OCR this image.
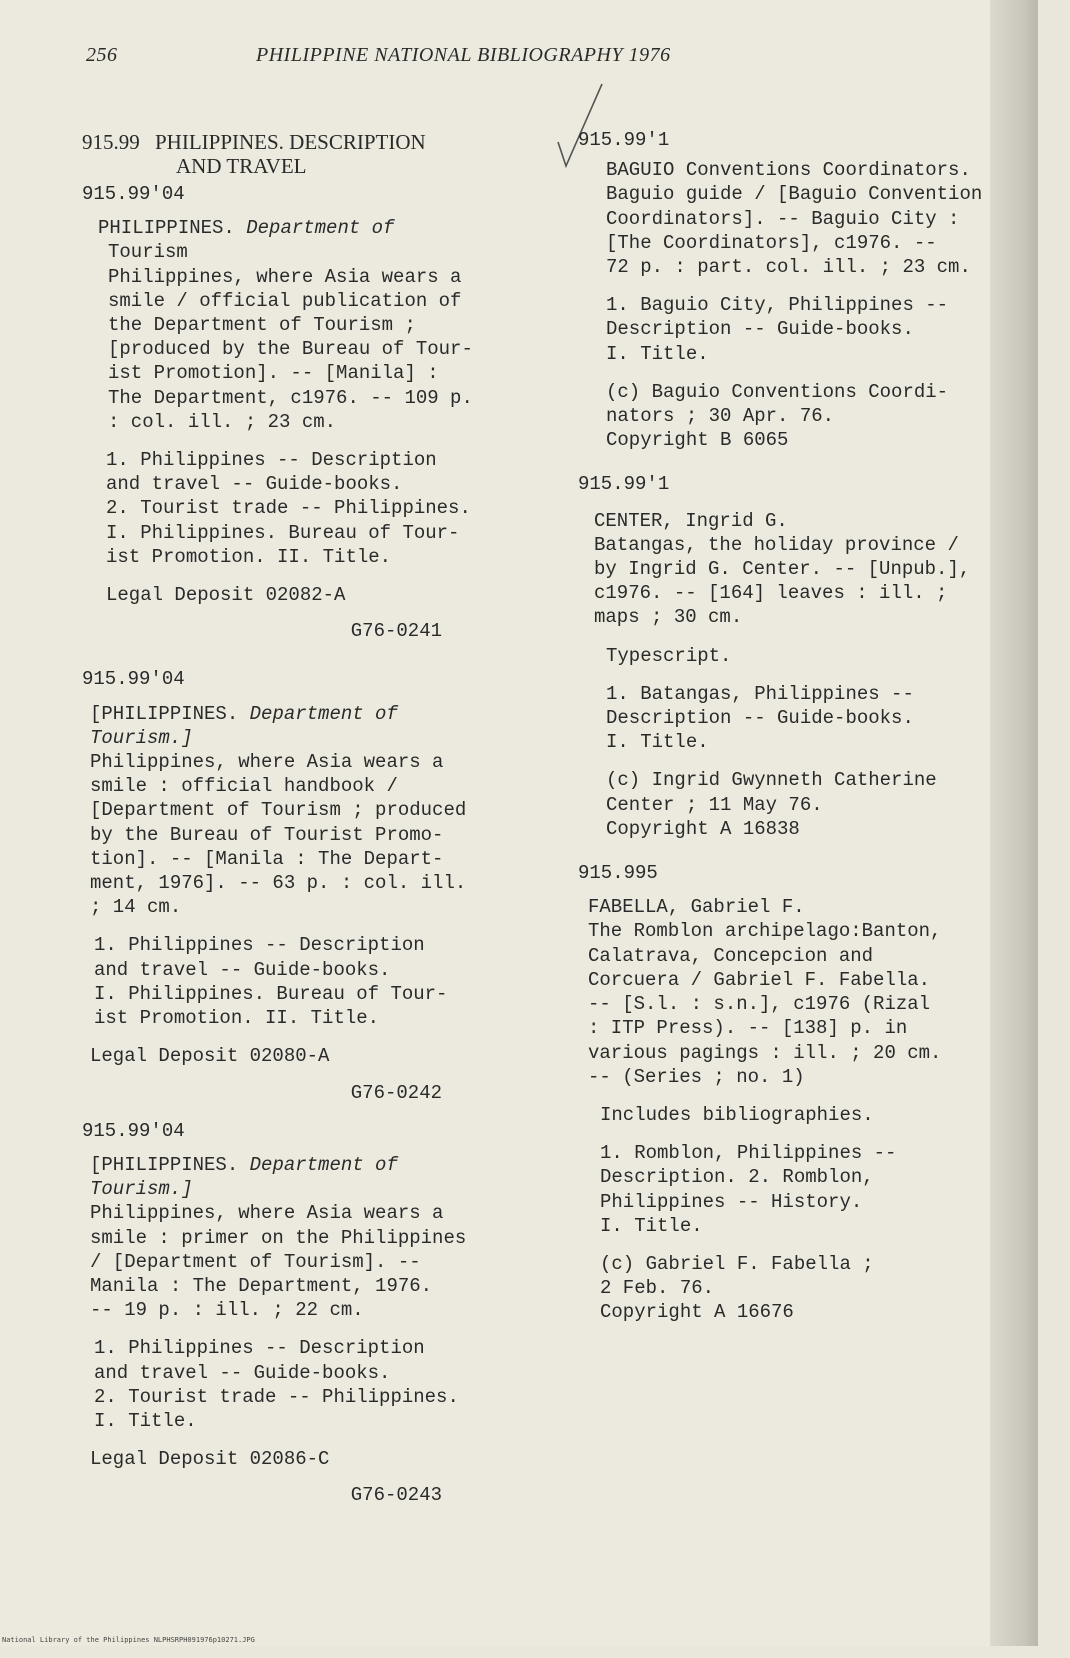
256	PHILIPPINE NATIONAL BIBLIOGRAPHY 1976
915.99 PHILIPPINES. DESCRIPTION
AND TRAVEL
915.99'04
PHILIPPINES. Department of
Tourism
Philippines, where Asia wears a
smile / official publication of
the Department of Tourism ;
[produced by the Bureau of Tour-
ist Promotion]. -- [Manila] :
The Department, c1976. -- 109 p.
: col. ill. ; 23 cm.
1. Philippines -- Description
and travel -- Guide-books.
2. Tourist trade -- Philippines.
I. Philippines. Bureau of Tour-
ist Promotion. II. Title.
Legal Deposit 02082-A
G76-0241
915.99'04
[PHILIPPINES. Department of
Tourism.]
Philippines, where Asia wears a
smile : official handbook /
[Department of Tourism ; produced
by the Bureau of Tourist Promo-
tion]. -- [Manila : The Depart-
ment, 1976]. -- 63 p. : col. ill.
; 14 cm.
1. Philippines -- Description
and travel -- Guide-books.
I. Philippines. Bureau of Tour-
ist Promotion. II. Title.
Legal Deposit 02080-A
G76-0242
915.99'04
[PHILIPPINES. Department of
Tourism.]
Philippines, where Asia wears a
smile : primer on the Philippines
/ [Department of Tourism]. --
Manila : The Department, 1976.
-- 19 p. : ill. ; 22 cm.
1. Philippines -- Description
and travel -- Guide-books.
2. Tourist trade -- Philippines.
I. Title.
Legal Deposit 02086-C
G76-0243
915.99'1
BAGUIO Conventions Coordinators.
Baguio guide / [Baguio Convention
Coordinators]. -- Baguio City :
[The Coordinators], c1976. --
72 p. : part. col. ill. ; 23 cm.
1. Baguio City, Philippines --
Description -- Guide-books.
I. Title.
(c) Baguio Conventions Coordi-
nators ; 30 Apr. 76.
Copyright B 6065
915.99'1
CENTER, Ingrid G.
Batangas, the holiday province /
by Ingrid G. Center. -- [Unpub.],
c1976. -- [164] leaves : ill. ;
maps ; 30 cm.
Typescript.
1. Batangas, Philippines --
Description -- Guide-books.
I. Title.
(c) Ingrid Gwynneth Catherine
Center ; 11 May 76.
Copyright A 16838
915.995
FABELLA, Gabriel F.
The Romblon archipelago:Banton,
Calatrava, Concepcion and
Corcuera / Gabriel F. Fabella.
-- [S.l. : s.n.], c1976 (Rizal
: ITP Press). -- [138] p. in
various pagings : ill. ; 20 cm.
-- (Series ; no. 1)
Includes bibliographies.
1. Romblon, Philippines --
Description. 2. Romblon,
Philippines -- History.
I. Title.
(c) Gabriel F. Fabella ;
2 Feb. 76.
Copyright A 16676
National Library of the Philippines NLPHSRPH091976p10271.JPG
